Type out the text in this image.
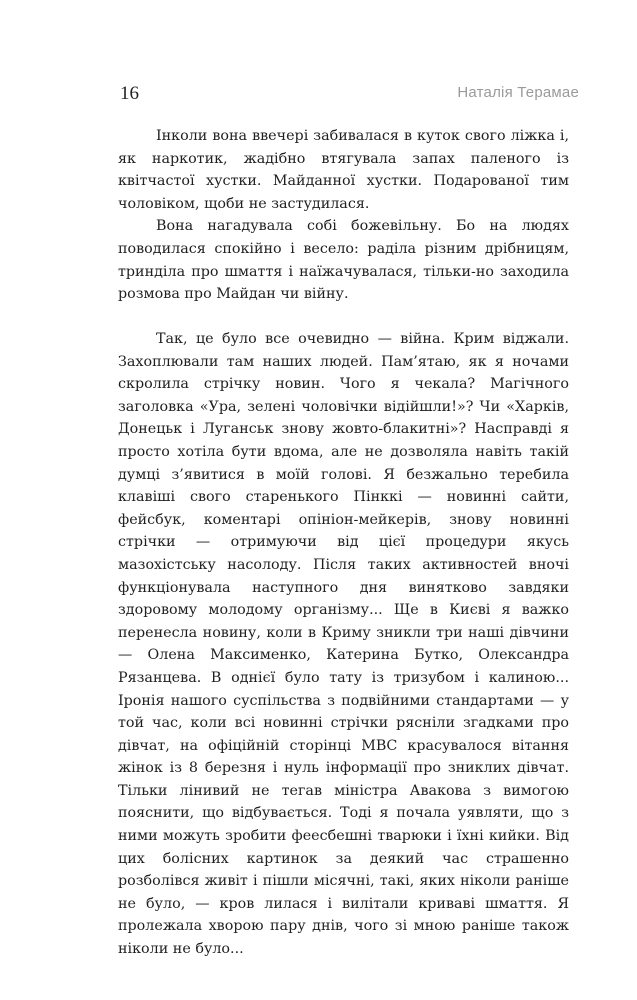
16	Наталія Терамае

Інколи вона ввечері забивалася в куток свого ліжка і, як наркотик, жадібно втягувала запах паленого із квітчастої хустки. Майданної хустки. Подарованої тим чоловіком, щоби не застудилася.

Вона нагадувала собі божевільну. Бо на людях поводилася спокійно і весело: раділа різним дрібницям, триндiла про шмаття і наїжачувалася, тільки-но заходила розмова про Майдан чи війну.

Так, це було все очевидно — війна. Крим віджали. Захоплювали там наших людей. Пам’ятаю, як я ночами скролила стрічку новин. Чого я чекала? Магічного заголовка «Ура, зелені чоловічки відійшли!»? Чи «Харків, Донецьк і Луганськ знову жовто-блакитні»? Насправді я просто хотіла бути вдома, але не дозволяла навіть такій думці з’явитися в моїй голові. Я безжально теребила клавіші свого старенького Пінккі — новинні сайти, фейсбук, коментарі опініон-мейкерів, знову новинні стрічки — отримуючи від цієї процедури якусь мазохістську насолоду. Після таких активностей вночі функціонувала наступного дня винятково завдяки здоровому молодому організму... Ще в Києві я важко перенесла новину, коли в Криму зникли три наші дівчини — Олена Максименко, Катерина Бутко, Олександра Рязанцева. В однієї було тату із тризубом і калиною... Іронія нашого суспільства з подвійними стандартами — у той час, коли всі новинні стрічки рясніли згадками про дівчат, на офіційній сторінці МВС красувалося вітання жінок із 8 березня і нуль інформації про зниклих дівчат. Тільки лінивий не тегав міністра Авакова з вимогою пояснити, що відбувається. Тоді я почала уявляти, що з ними можуть зробити феесбешні тварюки і їхні кийки. Від цих болісних картинок за деякий час страшенно розболівся живіт і пішли місячні, такі, яких ніколи раніше не було, — кров лилася і вилітали криваві шмаття. Я пролежала хворою пару днів, чого зі мною раніше також ніколи не було...
